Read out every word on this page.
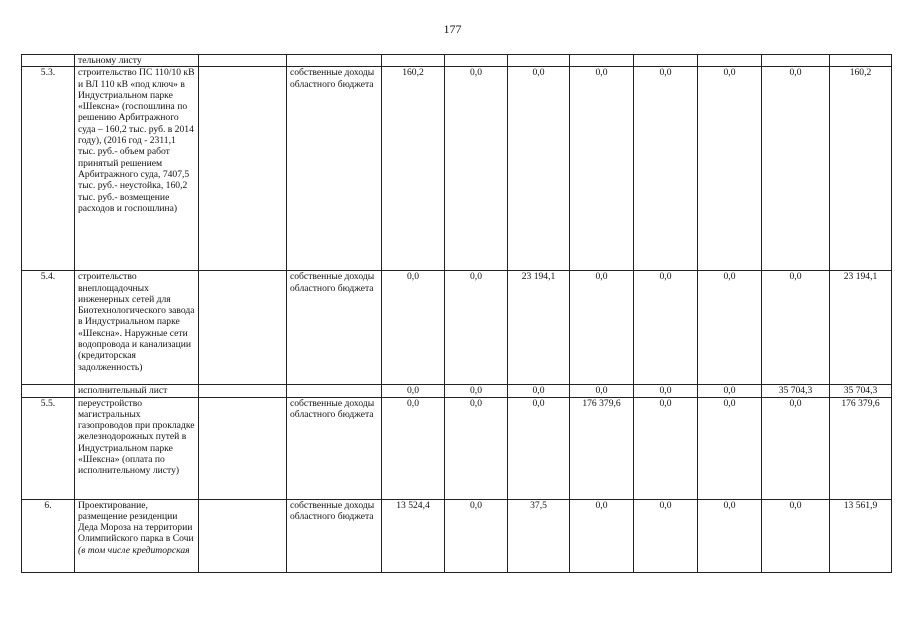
177
	тельному листу										
5.3.	строительство ПС 110/10 кВ и ВЛ 110 кВ «под ключ» в Индустриальном парке «Шексна» (госпошлина по решению Арбитражного суда – 160,2 тыс. руб. в 2014 году), (2016 год - 2311,1 тыс. руб.- объем работ принятый решением Арбитражного суда, 7407,5 тыс. руб.- неустойка, 160,2 тыс. руб.- возмещение расходов и госпошлина)		собственные доходы областного бюджета	160,2	0,0	0,0	0,0	0,0	0,0	0,0	160,2
5.4.	строительство внеплощадочных инженерных сетей для Биотехнологического завода в Индустриальном парке «Шексна». Наружные сети водопровода и канализации (кредиторская задолженность)		собственные доходы областного бюджета	0,0	0,0	23 194,1	0,0	0,0	0,0	0,0	23 194,1
	исполнительный лист			0,0	0,0	0,0	0,0	0,0	0,0	35 704,3	35 704,3
5.5.	переустройство магистральных газопроводов при прокладке железнодорожных путей в Индустриальном парке «Шексна» (оплата по исполнительному листу)		собственные доходы областного бюджета	0,0	0,0	0,0	176 379,6	0,0	0,0	0,0	176 379,6
6.	Проектирование, размещение резиденции Деда Мороза на территории Олимпийского парка в Сочи (в том числе кредиторская		собственные доходы областного бюджета	13 524,4	0,0	37,5	0,0	0,0	0,0	0,0	13 561,9
